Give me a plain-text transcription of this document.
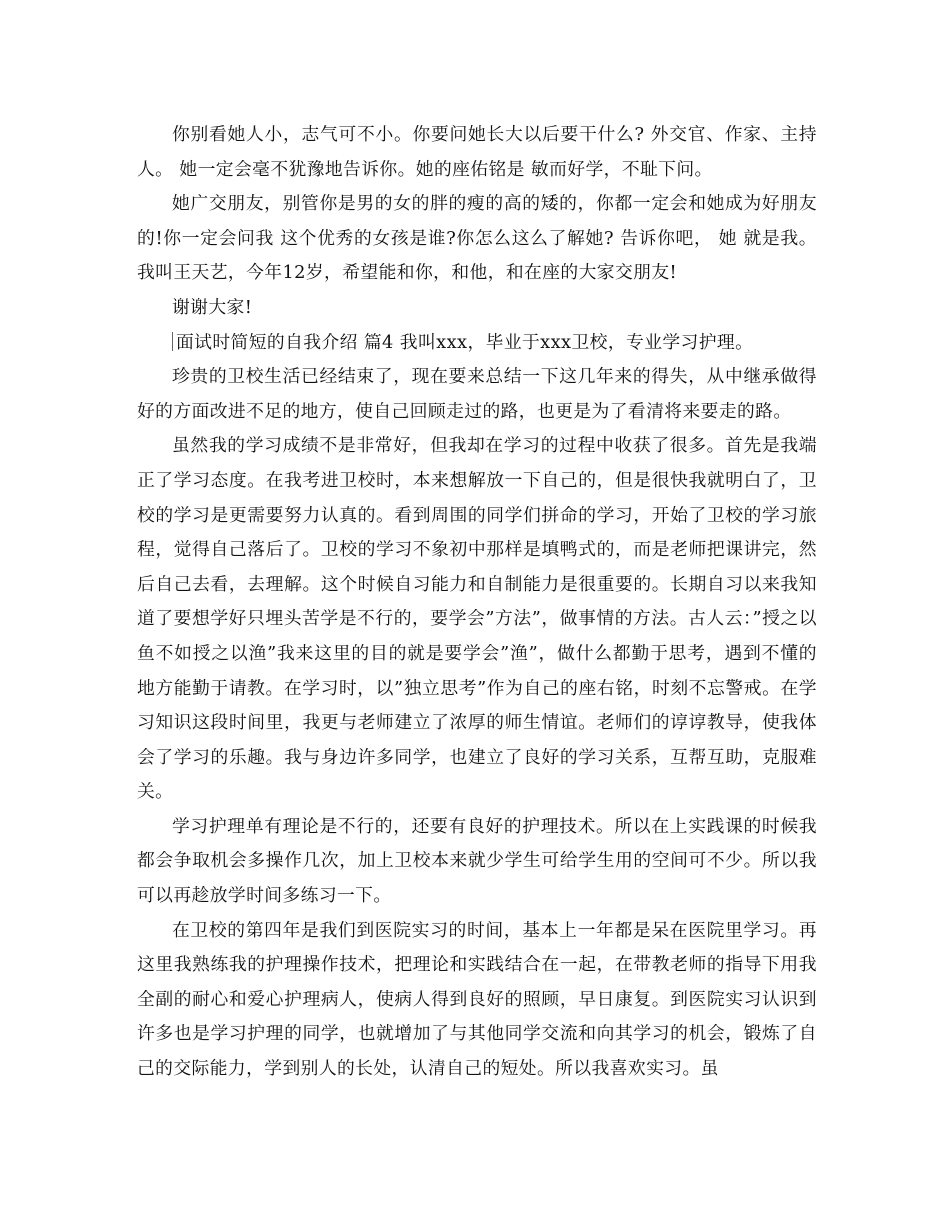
你别看她人小，志气可不小。你要问她长大以后要干什么? 外交官、作家、主持人。 她一定会毫不犹豫地告诉你。她的座佑铭是 敏而好学，不耻下问。

她广交朋友，别管你是男的女的胖的瘦的高的矮的，你都一定会和她成为好朋友的!你一定会问我 这个优秀的女孩是谁?你怎么这么了解她? 告诉你吧， 她 就是我。我叫王天艺，今年12岁，希望能和你，和他，和在座的大家交朋友!

谢谢大家!

面试时简短的自我介绍 篇4 我叫xxx，毕业于xxx卫校，专业学习护理。

珍贵的卫校生活已经结束了，现在要来总结一下这几年来的得失，从中继承做得好的方面改进不足的地方，使自己回顾走过的路，也更是为了看清将来要走的路。

虽然我的学习成绩不是非常好，但我却在学习的过程中收获了很多。首先是我端正了学习态度。在我考进卫校时，本来想解放一下自己的，但是很快我就明白了，卫校的学习是更需要努力认真的。看到周围的同学们拼命的学习，开始了卫校的学习旅程，觉得自己落后了。卫校的学习不象初中那样是填鸭式的，而是老师把课讲完，然后自己去看，去理解。这个时候自习能力和自制能力是很重要的。长期自习以来我知道了要想学好只埋头苦学是不行的，要学会”方法”，做事情的方法。古人云：”授之以鱼不如授之以渔”我来这里的目的就是要学会”渔”，做什么都勤于思考，遇到不懂的地方能勤于请教。在学习时，以”独立思考”作为自己的座右铭，时刻不忘警戒。在学习知识这段时间里，我更与老师建立了浓厚的师生情谊。老师们的谆谆教导，使我体会了学习的乐趣。我与身边许多同学，也建立了良好的学习关系，互帮互助，克服难关。

学习护理单有理论是不行的，还要有良好的护理技术。所以在上实践课的时候我都会争取机会多操作几次，加上卫校本来就少学生可给学生用的空间可不少。所以我可以再趁放学时间多练习一下。

在卫校的第四年是我们到医院实习的时间，基本上一年都是呆在医院里学习。再这里我熟练我的护理操作技术，把理论和实践结合在一起，在带教老师的指导下用我全副的耐心和爱心护理病人，使病人得到良好的照顾，早日康复。到医院实习认识到许多也是学习护理的同学，也就增加了与其他同学交流和向其学习的机会，锻炼了自己的交际能力，学到别人的长处，认清自己的短处。所以我喜欢实习。虽
